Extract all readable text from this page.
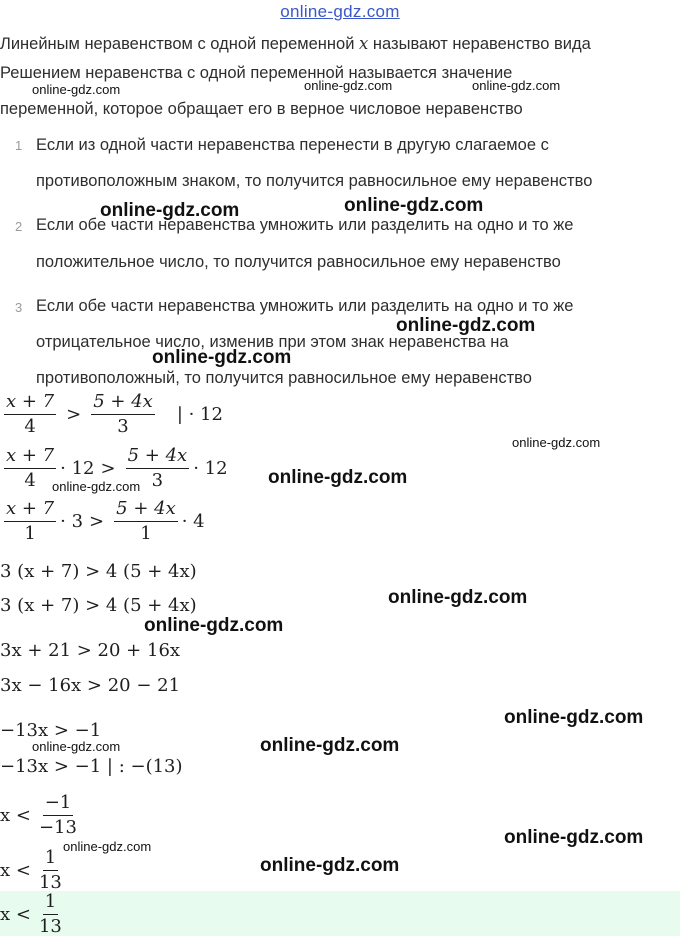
online-gdz.com
Линейным неравенством с одной переменной x называют неравенство вида
Решением неравенства с одной переменной называется значение
переменной, которое обращает его в верное числовое неравенство
1 Если из одной части неравенства перенести в другую слагаемое с
противоположным знаком, то получится равносильное ему неравенство
2 Если обе части неравенства умножить или разделить на одно и то же
положительное число, то получится равносильное ему неравенство
3 Если обе части неравенства умножить или разделить на одно и то же
отрицательное число, изменив при этом знак неравенства на
противоположный, то получится равносильное ему неравенство
$\frac{x + 7}{4} > \frac{5 + 4x}{3}$ | · 12
$\frac{x + 7}{4} \cdot 12 > \frac{5 + 4x}{3} \cdot 12$
$\frac{x + 7}{1} \cdot 3 > \frac{5 + 4x}{1} \cdot 4$
3 (x + 7) > 4 (5 + 4x)
3 (x + 7) > 4 (5 + 4x)
3x + 21 > 20 + 16x
3x − 16x > 20 − 21
−13x > −1
−13x > −1 | : −(13)
$x < \frac{-1}{-13}$
$x < \frac{1}{13}$
$x < \frac{1}{13}$
online-gdz.com	online-gdz.com	online-gdz.com
online-gdz.com	online-gdz.com
online-gdz.com
online-gdz.com
online-gdz.com
online-gdz.com
online-gdz.com
online-gdz.com
online-gdz.com
online-gdz.com
online-gdz.com	online-gdz.com
online-gdz.com
online-gdz.com
online-gdz.com
